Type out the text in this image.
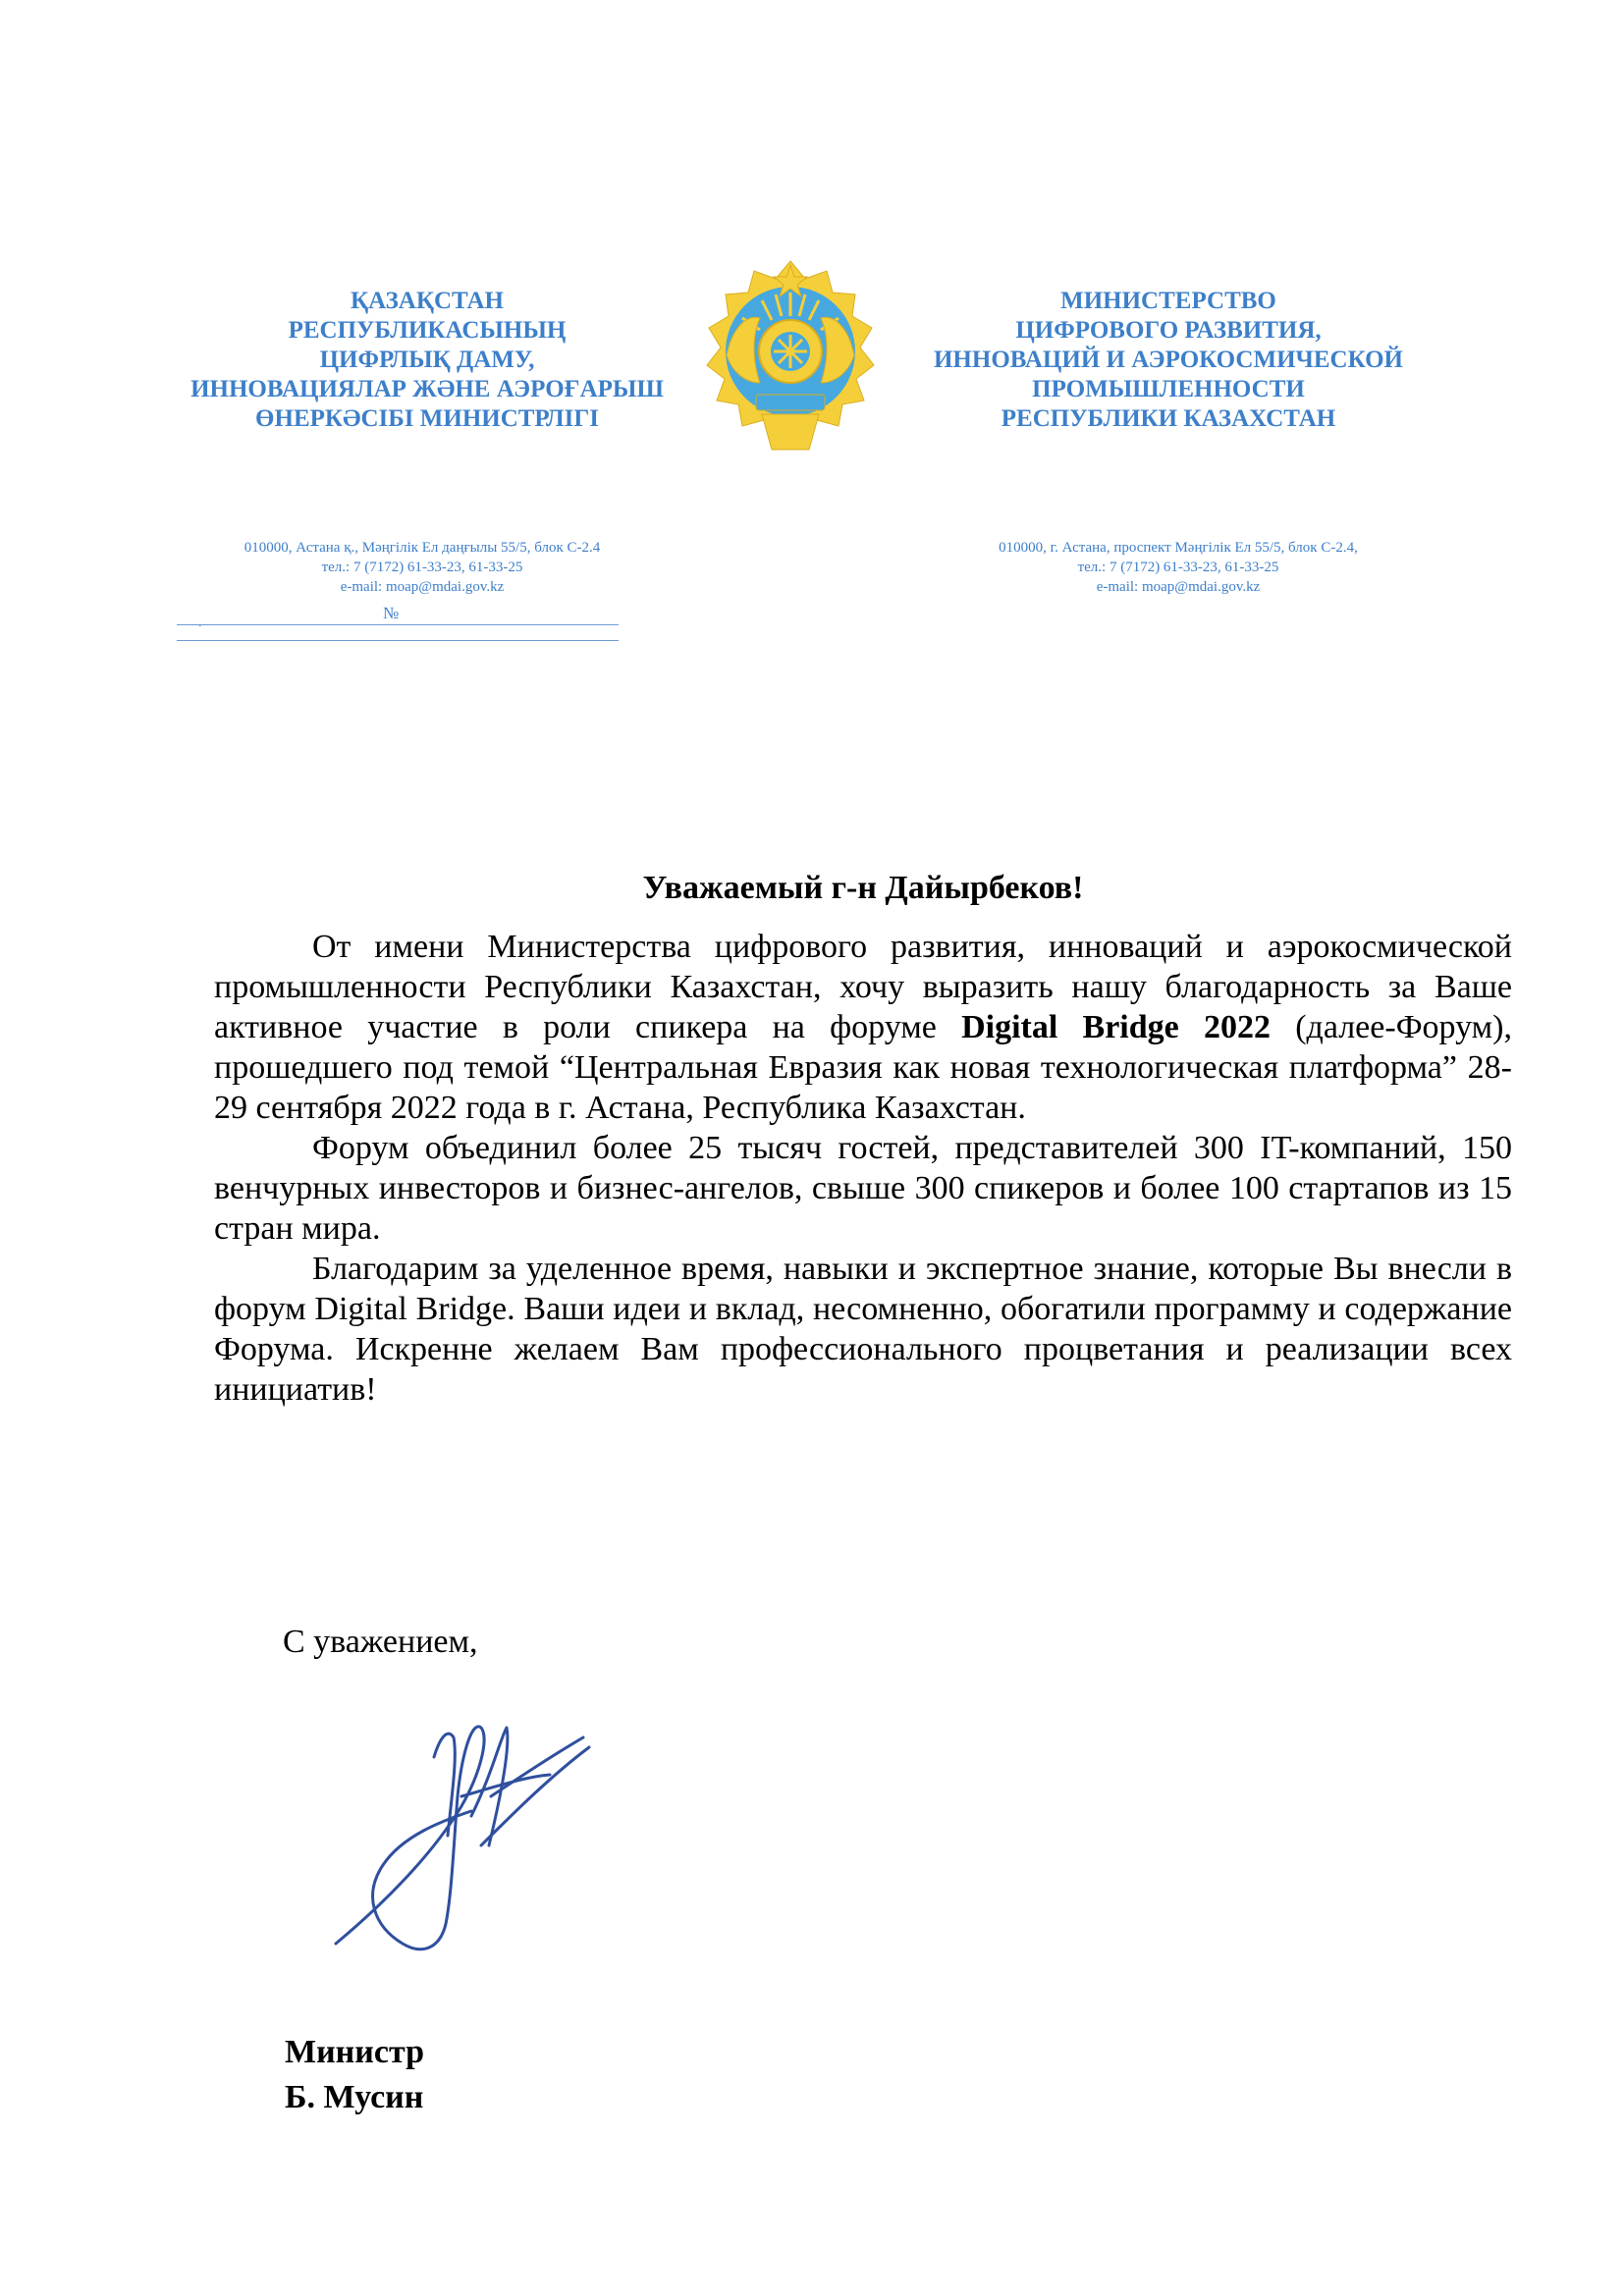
ҚАЗАҚСТАН
РЕСПУБЛИКАСЫНЫҢ
ЦИФРЛЫҚ ДАМУ,
ИННОВАЦИЯЛАР ЖӘНЕ АЭРОҒАРЫШ
ӨНЕРКӘСІБІ МИНИСТРЛІГІ
МИНИСТЕРСТВО
ЦИФРОВОГО РАЗВИТИЯ,
ИННОВАЦИЙ И АЭРОКОСМИЧЕСКОЙ
ПРОМЫШЛЕННОСТИ
РЕСПУБЛИКИ КАЗАХСТАН
010000, Астана қ., Мәңгілік Ел даңғылы 55/5, блок С-2.4
тел.: 7 (7172) 61-33-23, 61-33-25
e-mail: moap@mdai.gov.kz
010000, г. Астана, проспект Мәңгілік Ел 55/5, блок С-2.4,
тел.: 7 (7172) 61-33-23, 61-33-25
e-mail: moap@mdai.gov.kz
.
№

Уважаемый г-н Дайырбеков!

От имени Министерства цифрового развития, инноваций и аэрокосмической промышленности Республики Казахстан, хочу выразить нашу благодарность за Ваше активное участие в роли спикера на форуме Digital Bridge 2022 (далее-Форум), прошедшего под темой “Центральная Евразия как новая технологическая платформа” 28-29 сентября 2022 года в г. Астана, Республика Казахстан.

Форум объединил более 25 тысяч гостей, представителей 300 IT-компаний, 150 венчурных инвесторов и бизнес-ангелов, свыше 300 спикеров и более 100 стартапов из 15 стран мира.

Благодарим за уделенное время, навыки и экспертное знание, которые Вы внесли в форум Digital Bridge. Ваши идеи и вклад, несомненно, обогатили программу и содержание Форума. Искренне желаем Вам профессионального процветания и реализации всех инициатив!

С уважением,
Министр
Б. Мусин
